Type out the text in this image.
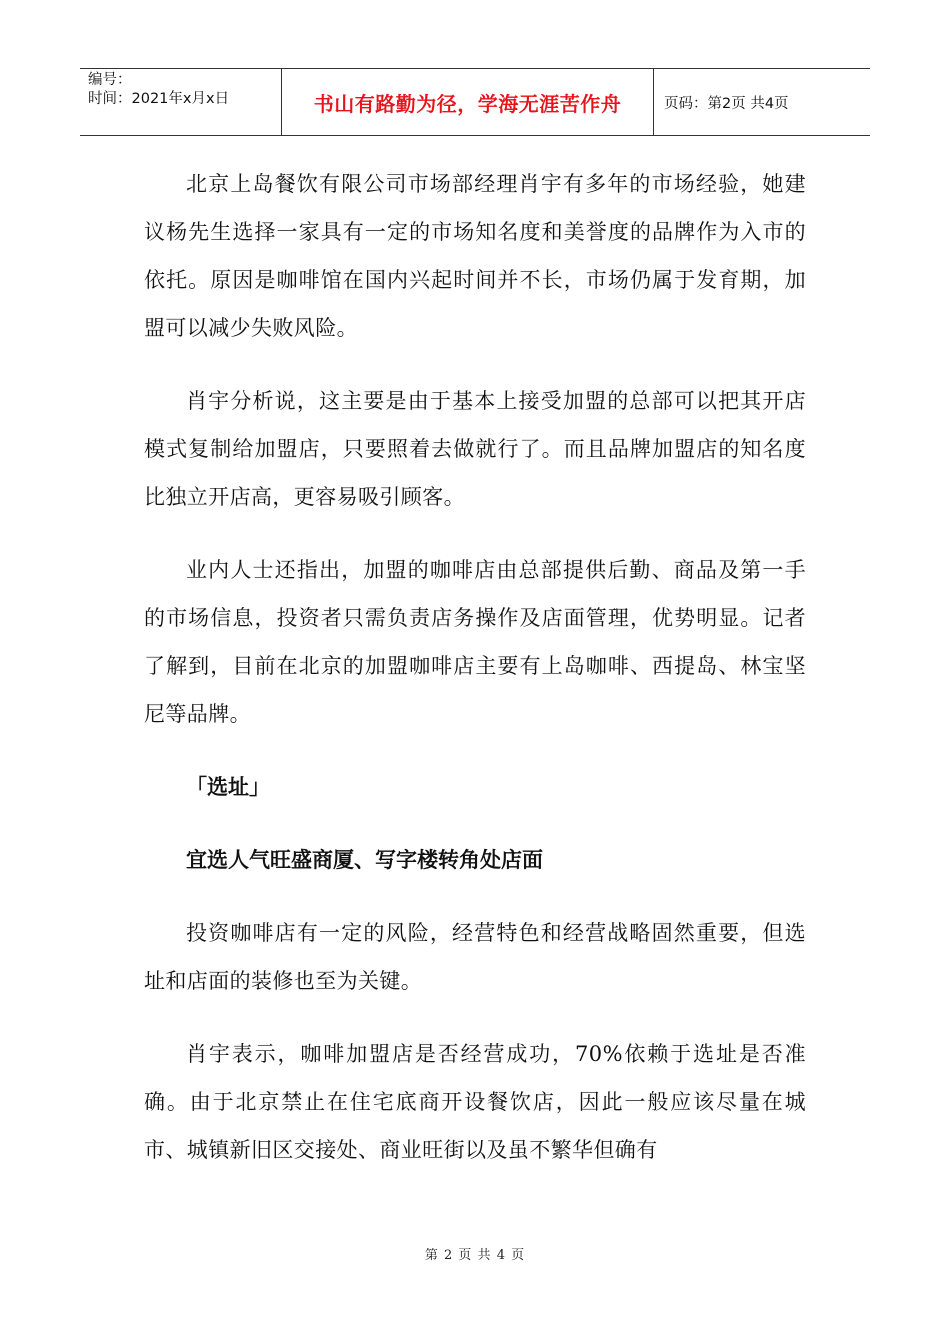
编号：
时间：2021年x月x日	书山有路勤为径，学海无涯苦作舟	页码：第2页 共4页

北京上岛餐饮有限公司市场部经理肖宇有多年的市场经验，她建议杨先生选择一家具有一定的市场知名度和美誉度的品牌作为入市的依托。原因是咖啡馆在国内兴起时间并不长，市场仍属于发育期，加盟可以减少失败风险。

肖宇分析说，这主要是由于基本上接受加盟的总部可以把其开店模式复制给加盟店，只要照着去做就行了。而且品牌加盟店的知名度比独立开店高，更容易吸引顾客。

业内人士还指出，加盟的咖啡店由总部提供后勤、商品及第一手的市场信息，投资者只需负责店务操作及店面管理，优势明显。记者了解到，目前在北京的加盟咖啡店主要有上岛咖啡、西提岛、林宝坚尼等品牌。

「选址」

宜选人气旺盛商厦、写字楼转角处店面

投资咖啡店有一定的风险，经营特色和经营战略固然重要，但选址和店面的装修也至为关键。

肖宇表示，咖啡加盟店是否经营成功，70%依赖于选址是否准确。由于北京禁止在住宅底商开设餐饮店，因此一般应该尽量在城市、城镇新旧区交接处、商业旺街以及虽不繁华但确有

第 2 页 共 4 页
